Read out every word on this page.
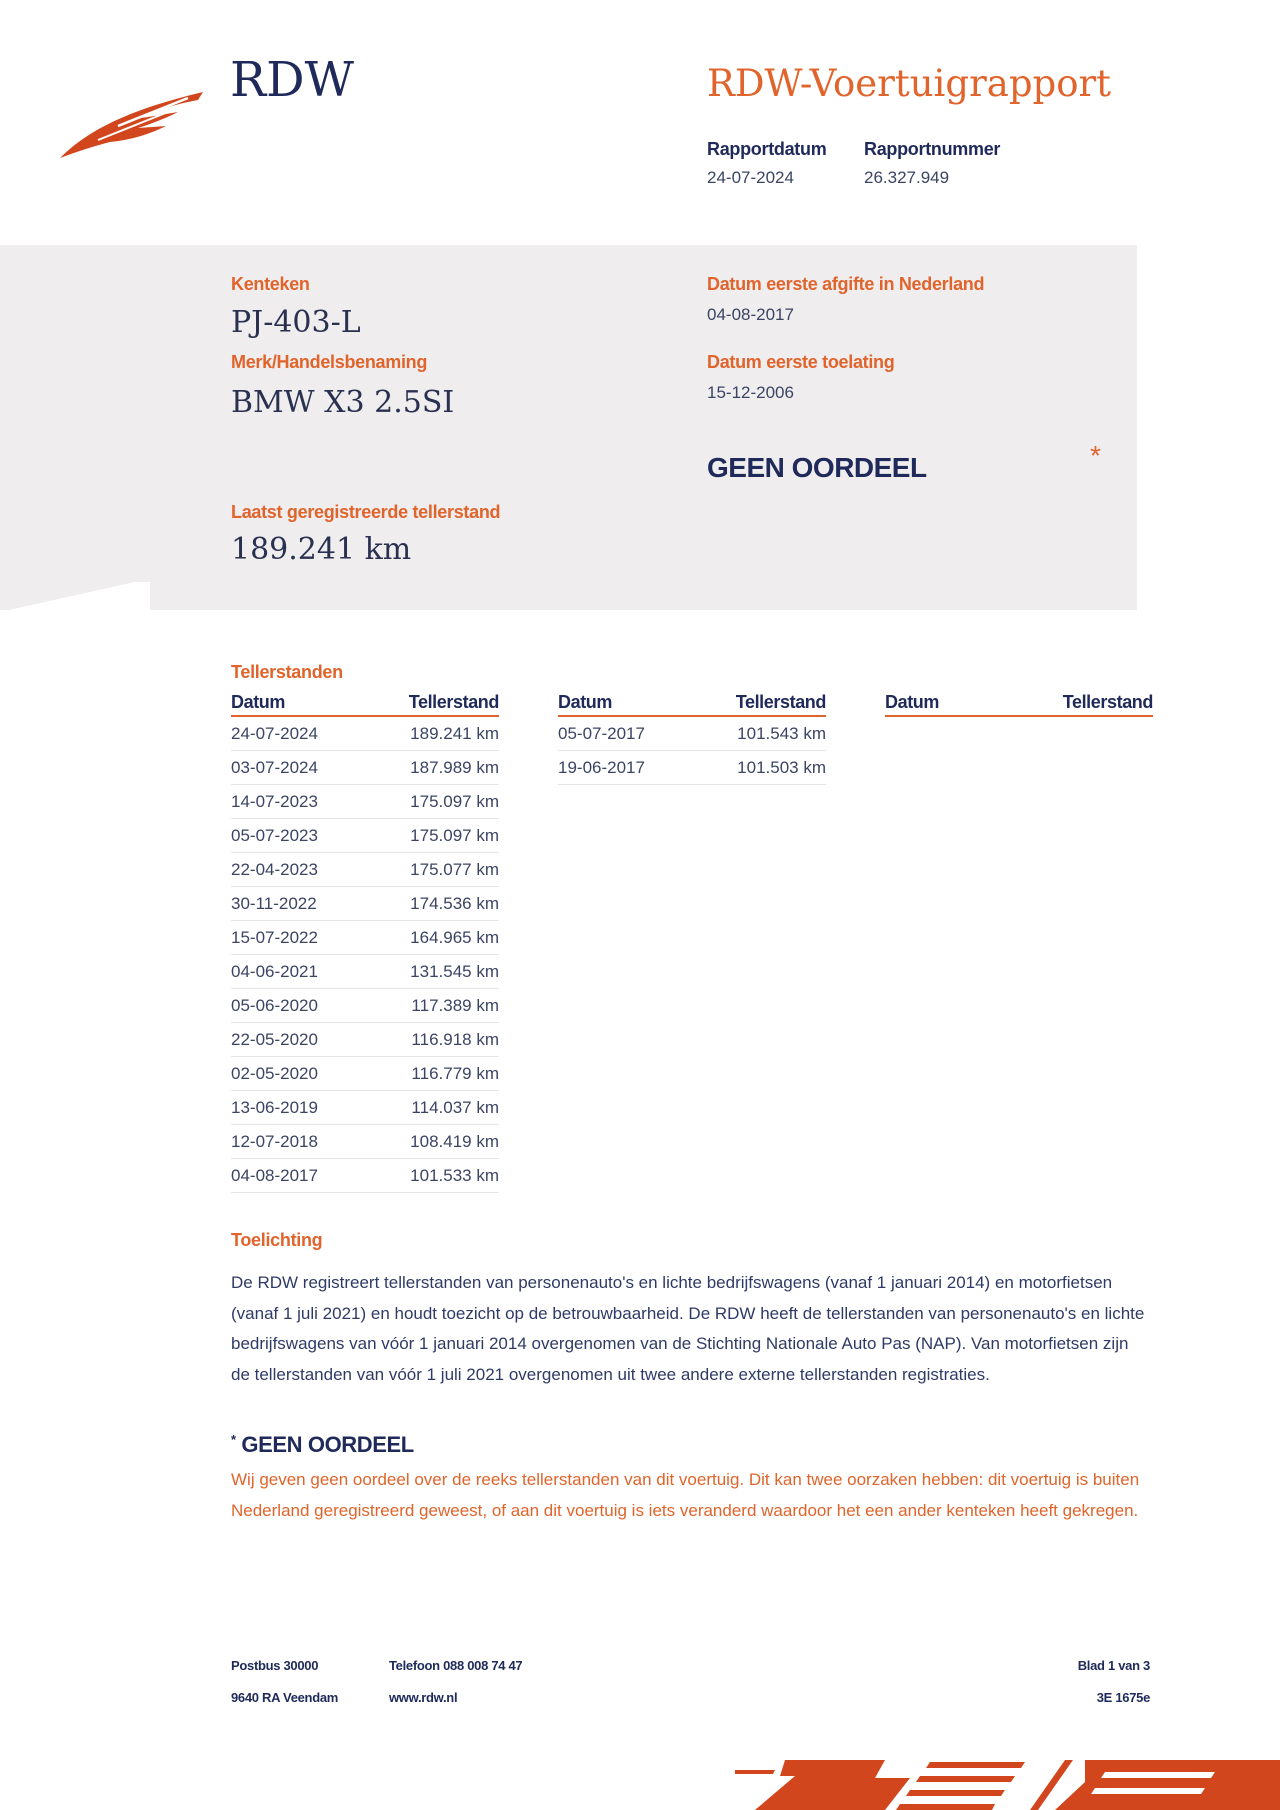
RDW	RDW-Voertuigrapport
Rapportdatum
24-07-2024
Rapportnummer
26.327.949
Kenteken
PJ-403-L
Merk/Handelsbenaming
BMW X3 2.5SI
Datum eerste afgifte in Nederland
04-08-2017
Datum eerste toelating
15-12-2006
GEEN OORDEEL	*
Laatst geregistreerde tellerstand
189.241 km
Tellerstanden
Datum	Tellerstand
24-07-2024	189.241 km
03-07-2024	187.989 km
14-07-2023	175.097 km
05-07-2023	175.097 km
22-04-2023	175.077 km
30-11-2022	174.536 km
15-07-2022	164.965 km
04-06-2021	131.545 km
05-06-2020	117.389 km
22-05-2020	116.918 km
02-05-2020	116.779 km
13-06-2019	114.037 km
12-07-2018	108.419 km
04-08-2017	101.533 km
Datum	Tellerstand
05-07-2017	101.543 km
19-06-2017	101.503 km
Datum	Tellerstand
Toelichting
De RDW registreert tellerstanden van personenauto's en lichte bedrijfswagens (vanaf 1 januari 2014) en motorfietsen (vanaf 1 juli 2021) en houdt toezicht op de betrouwbaarheid. De RDW heeft de tellerstanden van personenauto's en lichte bedrijfswagens van vóór 1 januari 2014 overgenomen van de Stichting Nationale Auto Pas (NAP). Van motorfietsen zijn de tellerstanden van vóór 1 juli 2021 overgenomen uit twee andere externe tellerstanden registraties.
* GEEN OORDEEL
Wij geven geen oordeel over de reeks tellerstanden van dit voertuig. Dit kan twee oorzaken hebben: dit voertuig is buiten Nederland geregistreerd geweest, of aan dit voertuig is iets veranderd waardoor het een ander kenteken heeft gekregen.
Postbus 30000
9640 RA Veendam
Telefoon 088 008 74 47
www.rdw.nl
Blad 1 van 3
3E 1675e
